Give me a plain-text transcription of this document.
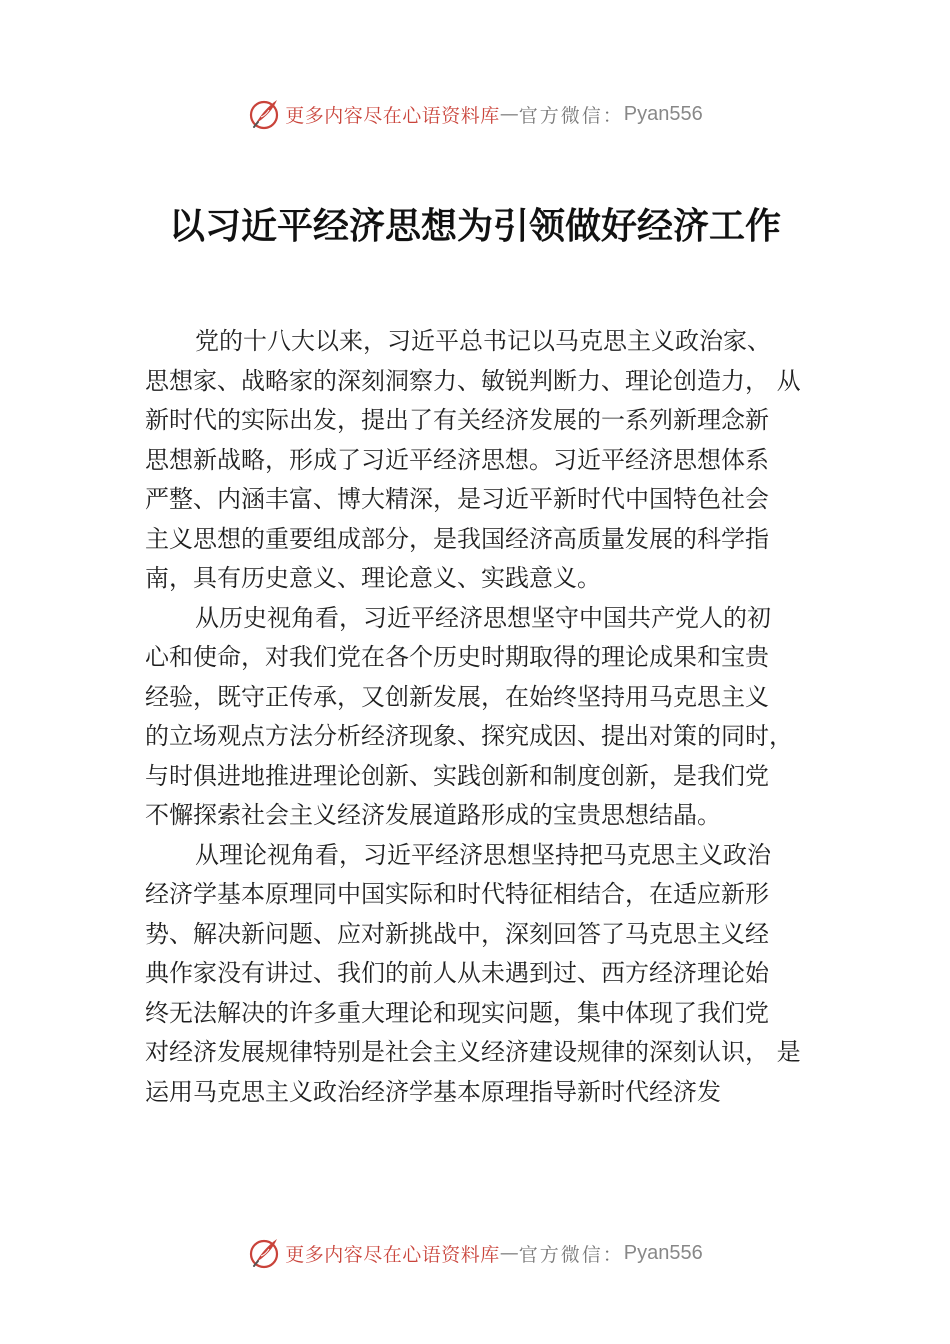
更多内容尽在心语资料库 — 官方微信： Pyan556
以习近平经济思想为引领做好经济工作
党的十八大以来，习近平总书记以马克思主义政治家、
思想家、战略家的深刻洞察力、敏锐判断力、理论创造力， 从
新时代的实际出发，提出了有关经济发展的一系列新理念新
思想新战略，形成了习近平经济思想。习近平经济思想体系
严整、内涵丰富、博大精深，是习近平新时代中国特色社会
主义思想的重要组成部分，是我国经济高质量发展的科学指
南，具有历史意义、理论意义、实践意义。
从历史视角看，习近平经济思想坚守中国共产党人的初
心和使命，对我们党在各个历史时期取得的理论成果和宝贵
经验，既守正传承，又创新发展，在始终坚持用马克思主义
的立场观点方法分析经济现象、探究成因、提出对策的同时，
与时俱进地推进理论创新、实践创新和制度创新，是我们党
不懈探索社会主义经济发展道路形成的宝贵思想结晶。
从理论视角看，习近平经济思想坚持把马克思主义政治
经济学基本原理同中国实际和时代特征相结合，在适应新形
势、解决新问题、应对新挑战中，深刻回答了马克思主义经
典作家没有讲过、我们的前人从未遇到过、西方经济理论始
终无法解决的许多重大理论和现实问题，集中体现了我们党
对经济发展规律特别是社会主义经济建设规律的深刻认识， 是
运用马克思主义政治经济学基本原理指导新时代经济发
更多内容尽在心语资料库 — 官方微信： Pyan556
